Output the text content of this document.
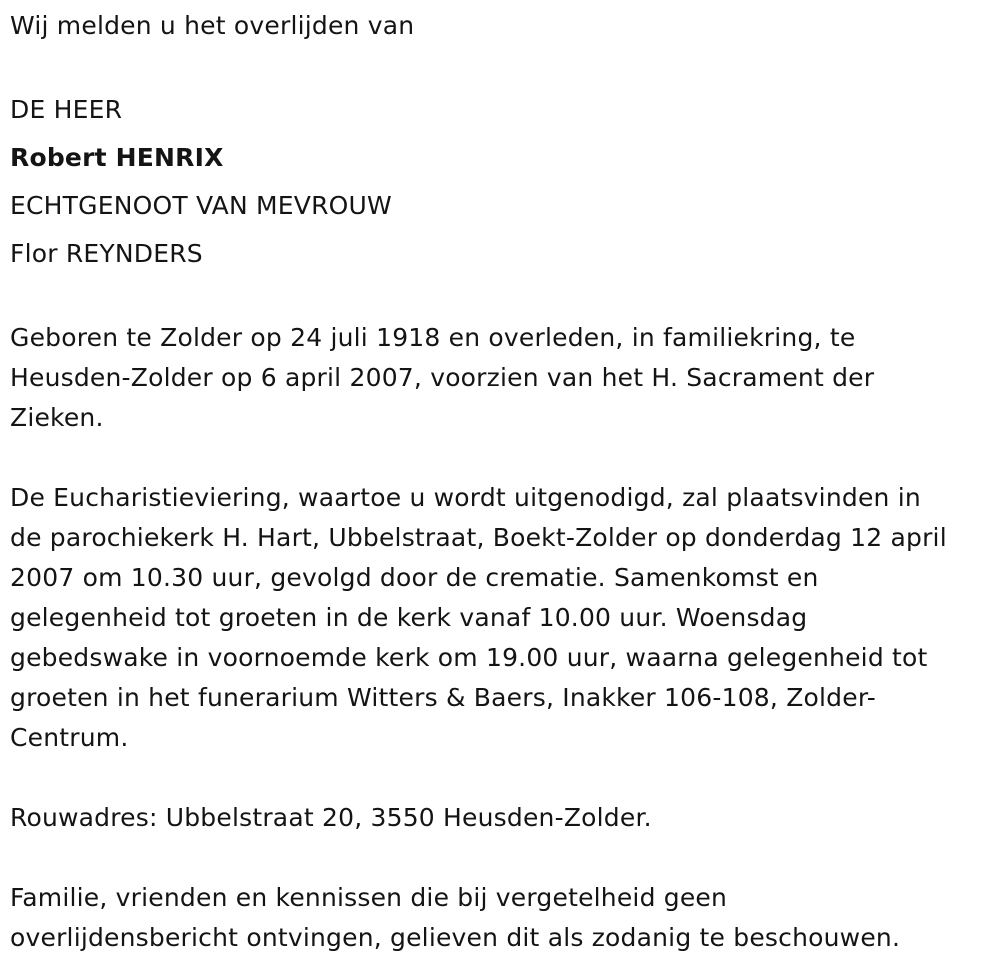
Wij melden u het overlijden van
DE HEER
Robert HENRIX
ECHTGENOOT VAN MEVROUW
Flor REYNDERS
Geboren te Zolder op 24 juli 1918 en overleden, in familiekring, te
Heusden-Zolder op 6 april 2007, voorzien van het H. Sacrament der
Zieken.
De Eucharistieviering, waartoe u wordt uitgenodigd, zal plaatsvinden in
de parochiekerk H. Hart, Ubbelstraat, Boekt-Zolder op donderdag 12 april
2007 om 10.30 uur, gevolgd door de crematie. Samenkomst en
gelegenheid tot groeten in de kerk vanaf 10.00 uur. Woensdag
gebedswake in voornoemde kerk om 19.00 uur, waarna gelegenheid tot
groeten in het funerarium Witters & Baers, Inakker 106-108, Zolder-
Centrum.
Rouwadres: Ubbelstraat 20, 3550 Heusden-Zolder.
Familie, vrienden en kennissen die bij vergetelheid geen
overlijdensbericht ontvingen, gelieven dit als zodanig te beschouwen.
